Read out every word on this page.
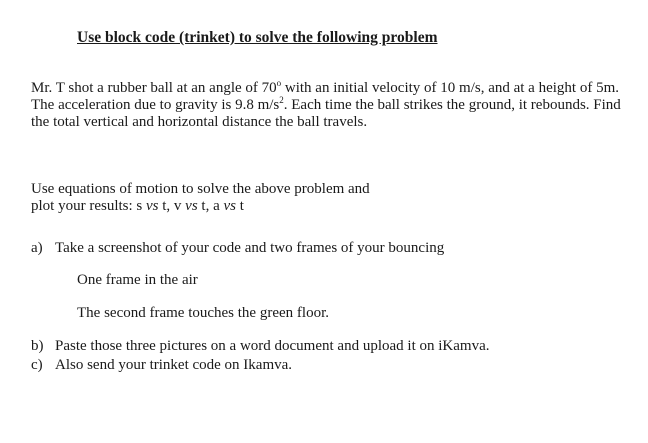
Use block code (trinket) to solve the following problem
Mr. T shot a rubber ball at an angle of 70$^o$ with an initial velocity of 10 m/s, and at a height of 5m. The acceleration due to gravity is 9.8 $m/s^2$. Each time the ball strikes the ground, it rebounds. Find the total vertical and horizontal distance the ball travels.
Use equations of motion to solve the above problem and
plot your results: s vs t, v vs t, a vs t
a) Take a screenshot of your code and two frames of your bouncing
One frame in the air
The second frame touches the green floor.
b) Paste those three pictures on a word document and upload it on iKamva.
c) Also send your trinket code on Ikamva.
